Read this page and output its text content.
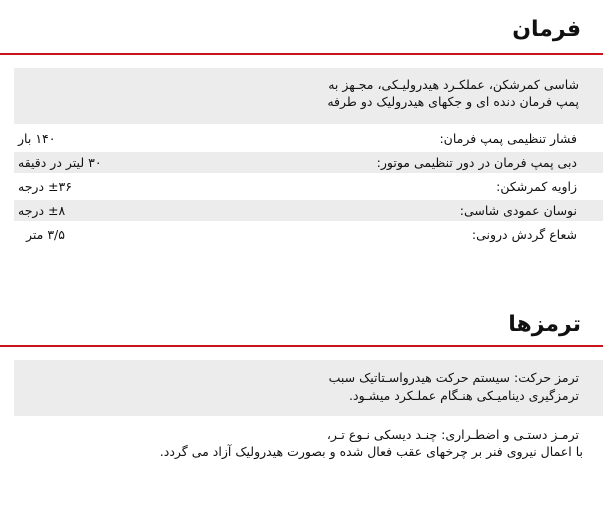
فرمان
شاسی کمرشکن، عملکـرد هیدرولیـکی، مجـهز به
پمپ فرمان دنده ای و جکهای هیدرولیک دو طرفه
فشار تنظیمی پمپ فرمان:
۱۴۰ بار
دبی پمپ فرمان در دور تنظیمی موتور:
۳۰ لیتر در دقیقه
زاویه کمرشکن:
±۳۶ درجه
نوسان عمودی شاسی:
±۸ درجه
شعاع گردش درونی:
۳/۵ متر
ترمزها
ترمز حرکت: سیستم حرکت هیدرواسـتاتیک سبب
ترمزگیری دینامیـکی هنـگام عملـکرد میشـود.
ترمـز دستـی و اضطـراری: چنـد دیسکی نـوع تـر،
با اعمال نیروی فنر بر چرخهای عقب فعال شده و بصورت هیدرولیک آزاد می گردد.
